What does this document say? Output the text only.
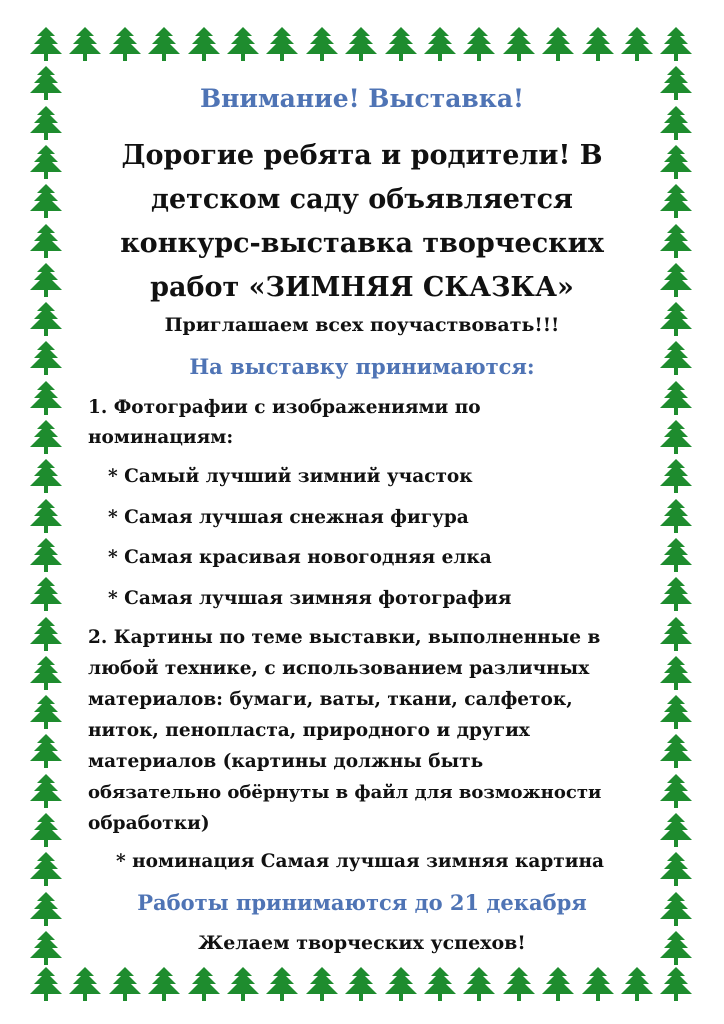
Внимание! Выставка!

Дорогие ребята и родители! В

детском саду объявляется

конкурс-выставка творческих

работ «ЗИМНЯЯ СКАЗКА»

Приглашаем всех поучаствовать!!!

На выставку принимаются:

1. Фотографии с изображениями по

номинациям:

* Самый лучший зимний участок

* Самая лучшая снежная фигура

* Самая красивая новогодняя елка

* Самая лучшая зимняя фотография

2. Картины по теме выставки, выполненные в

любой технике, с использованием различных

материалов: бумаги, ваты, ткани, салфеток,

ниток, пенопласта, природного и других

материалов (картины должны быть

обязательно обёрнуты в файл для возможности

обработки)

* номинация Самая лучшая зимняя картина

Работы принимаются до 21 декабря

Желаем творческих успехов!
